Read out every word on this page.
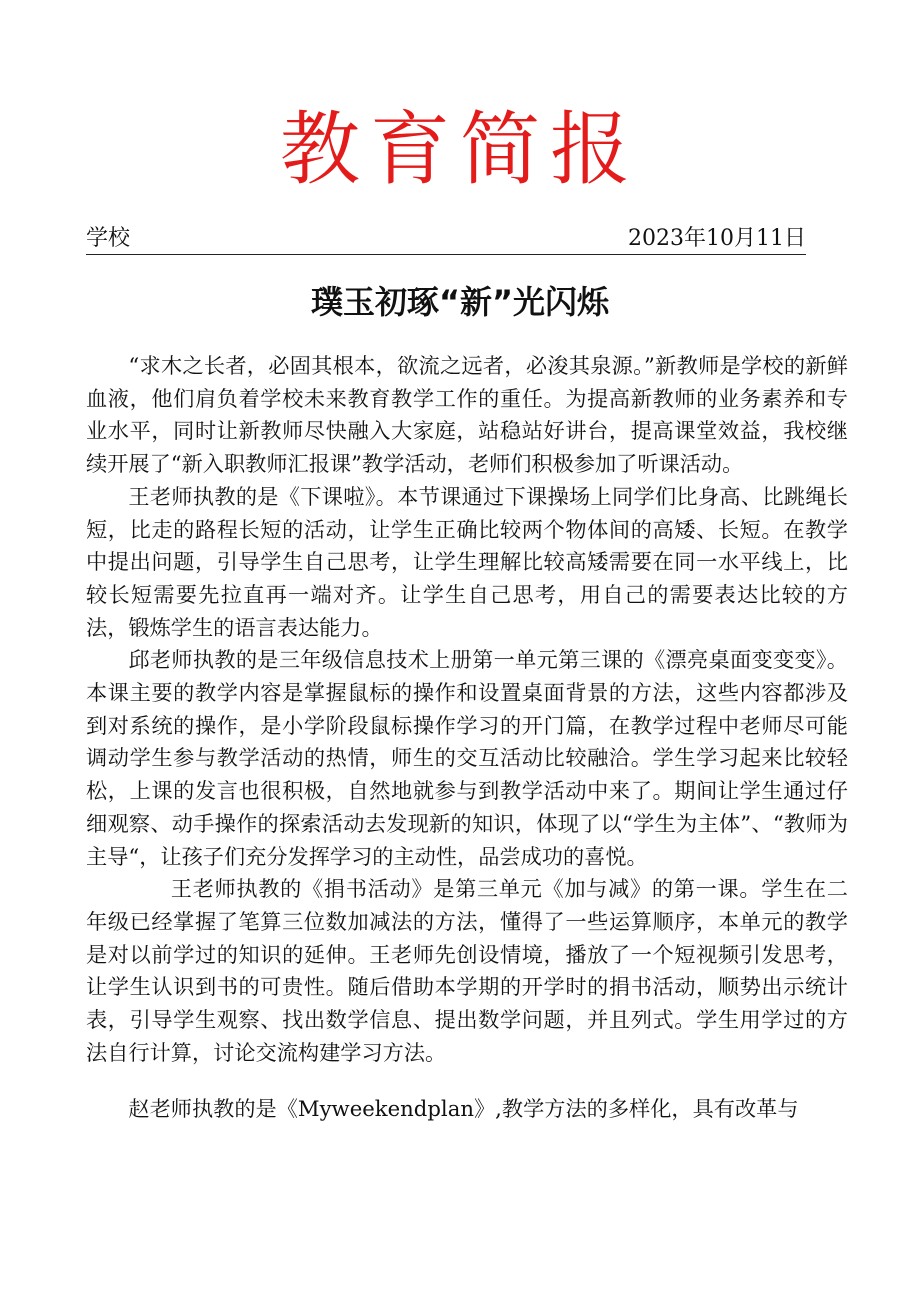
教育简报
学校	2023年10月11日
璞玉初琢“新”光闪烁

“求木之长者，必固其根本，欲流之远者，必浚其泉源。”新教师是学校的新鲜血液，他们肩负着学校未来教育教学工作的重任。为提高新教师的业务素养和专业水平，同时让新教师尽快融入大家庭，站稳站好讲台，提高课堂效益，我校继续开展了“新入职教师汇报课”教学活动，老师们积极参加了听课活动。

王老师执教的是《下课啦》。本节课通过下课操场上同学们比身高、比跳绳长短，比走的路程长短的活动，让学生正确比较两个物体间的高矮、长短。在教学中提出问题，引导学生自己思考，让学生理解比较高矮需要在同一水平线上，比较长短需要先拉直再一端对齐。让学生自己思考，用自己的需要表达比较的方法，锻炼学生的语言表达能力。

邱老师执教的是三年级信息技术上册第一单元第三课的《漂亮桌面变变变》。本课主要的教学内容是掌握鼠标的操作和设置桌面背景的方法，这些内容都涉及到对系统的操作，是小学阶段鼠标操作学习的开门篇，在教学过程中老师尽可能调动学生参与教学活动的热情，师生的交互活动比较融洽。学生学习起来比较轻松，上课的发言也很积极，自然地就参与到教学活动中来了。期间让学生通过仔细观察、动手操作的探索活动去发现新的知识，体现了以“学生为主体”、“教师为主导“，让孩子们充分发挥学习的主动性，品尝成功的喜悦。

王老师执教的《捐书活动》是第三单元《加与减》的第一课。学生在二年级已经掌握了笔算三位数加减法的方法，懂得了一些运算顺序，本单元的教学是对以前学过的知识的延伸。王老师先创设情境，播放了一个短视频引发思考，让学生认识到书的可贵性。随后借助本学期的开学时的捐书活动，顺势出示统计表，引导学生观察、找出数学信息、提出数学问题，并且列式。学生用学过的方法自行计算，讨论交流构建学习方法。

赵老师执教的是《Myweekendplan》,教学方法的多样化，具有改革与
